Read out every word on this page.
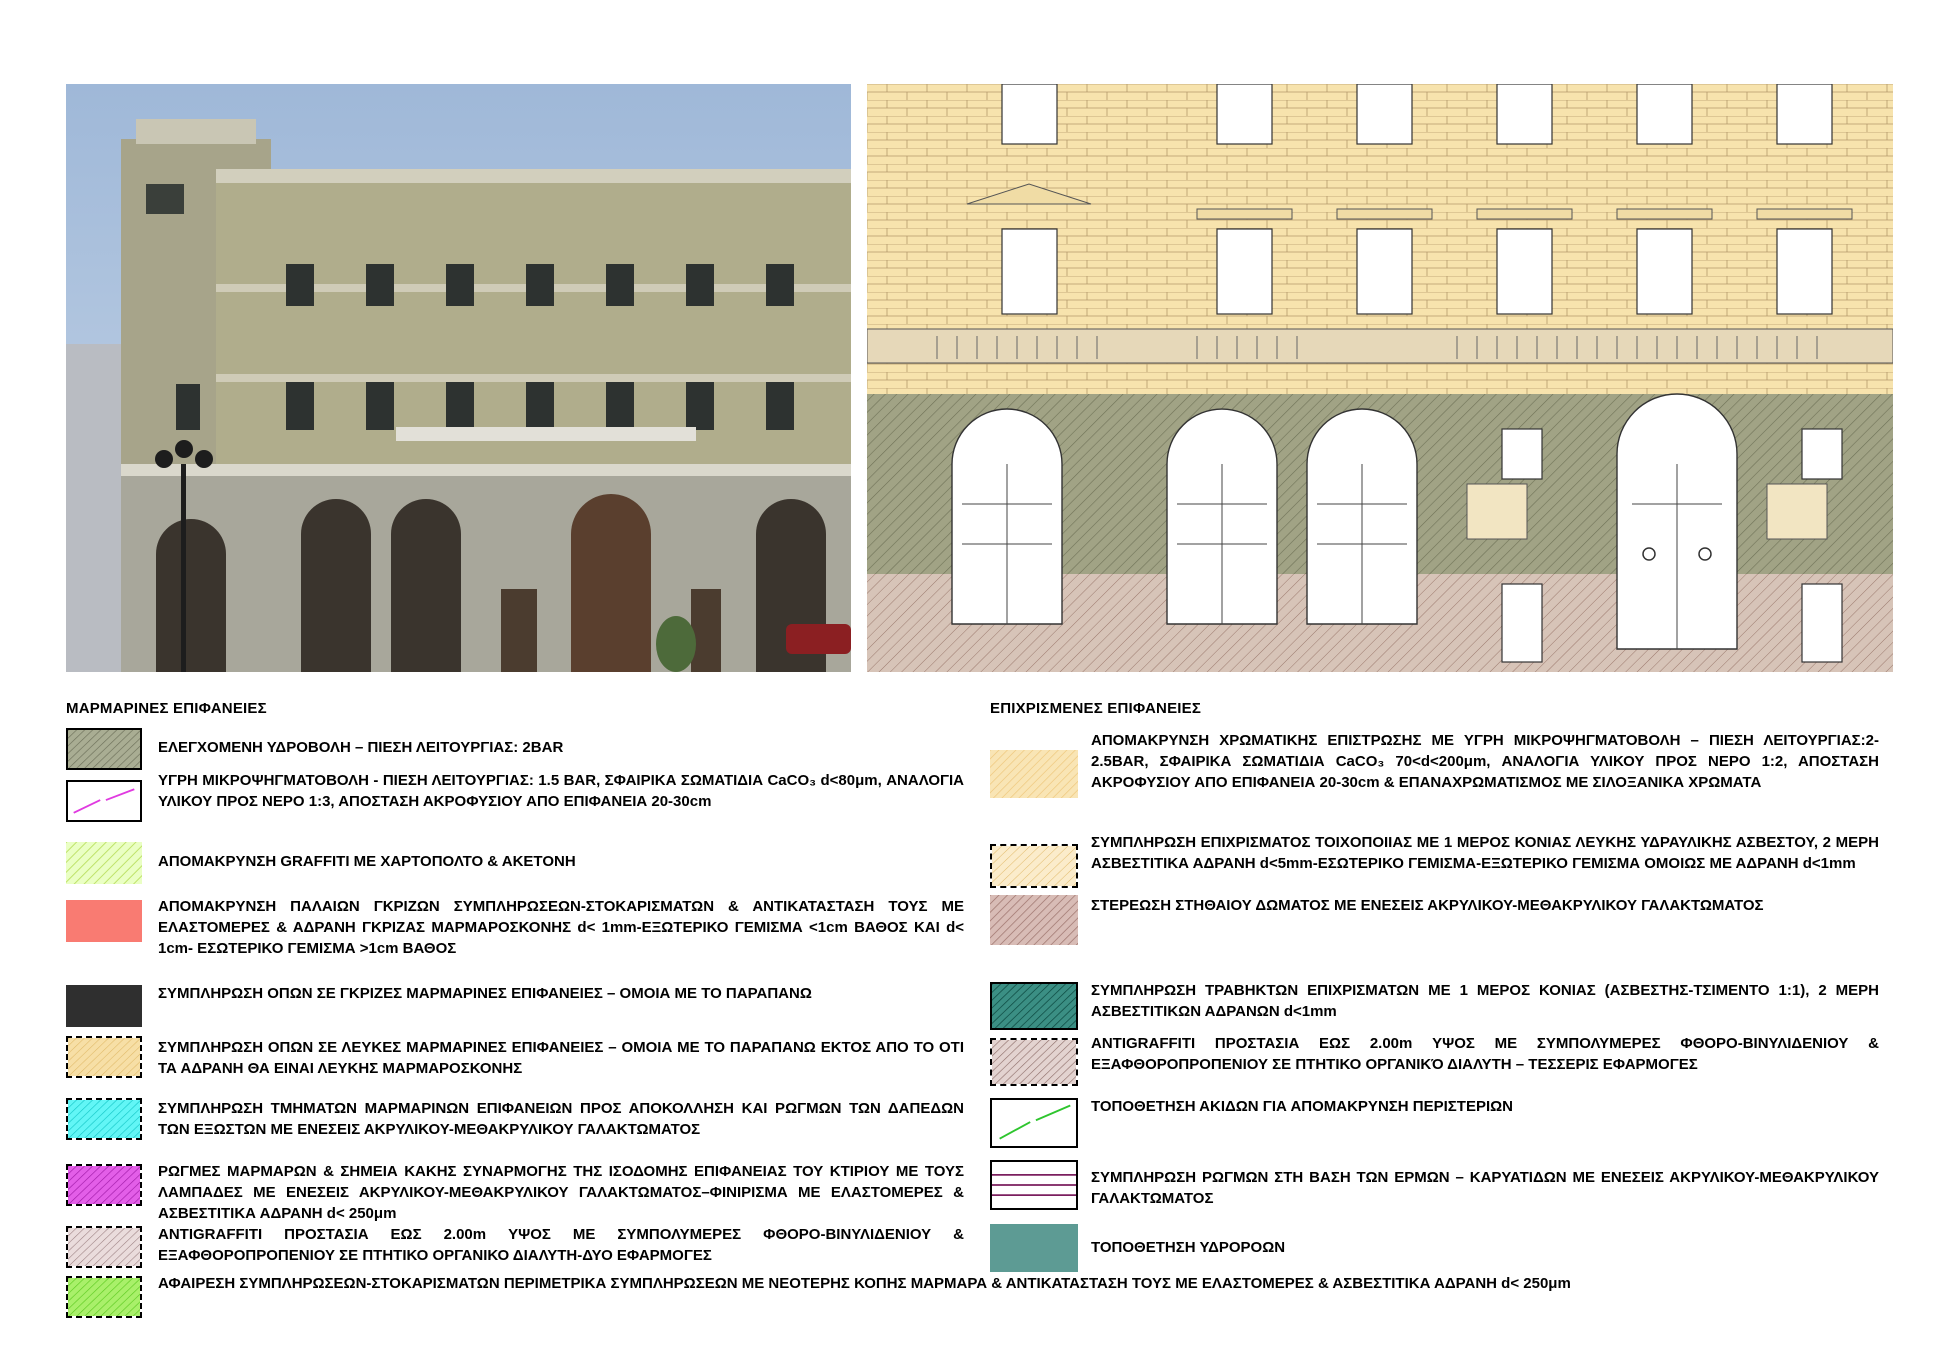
ΜΑΡΜΑΡΙΝΕΣ ΕΠΙΦΑΝΕΙΕΣ
ΕΛΕΓΧΟΜΕΝΗ ΥΔΡΟΒΟΛΗ – ΠΙΕΣΗ ΛΕΙΤΟΥΡΓΙΑΣ: 2BAR
ΥΓΡΗ ΜΙΚΡΟΨΗΓΜΑΤΟΒΟΛΗ - ΠΙΕΣΗ ΛΕΙΤΟΥΡΓΙΑΣ: 1.5 BAR, ΣΦΑΙΡΙΚΑ ΣΩΜΑΤΙΔΙΑ CaCO₃ d<80μm, ΑΝΑΛΟΓΙΑ ΥΛΙΚΟΥ ΠΡΟΣ ΝΕΡΟ 1:3, ΑΠΟΣΤΑΣΗ ΑΚΡΟΦΥΣΙΟΥ ΑΠΟ ΕΠΙΦΑΝΕΙΑ 20-30cm
ΑΠΟΜΑΚΡΥΝΣΗ GRAFFITI ΜΕ ΧΑΡΤΟΠΟΛΤΟ & ΑΚΕΤΟΝΗ
ΑΠΟΜΑΚΡΥΝΣΗ ΠΑΛΑΙΩΝ ΓΚΡΙΖΩΝ ΣΥΜΠΛΗΡΩΣΕΩΝ-ΣΤΟΚΑΡΙΣΜΑΤΩΝ & ΑΝΤΙΚΑΤΑΣΤΑΣΗ ΤΟΥΣ ΜΕ ΕΛΑΣΤΟΜΕΡΕΣ & ΑΔΡΑΝΗ ΓΚΡΙΖΑΣ ΜΑΡΜΑΡΟΣΚΟΝΗΣ d< 1mm-ΕΞΩΤΕΡΙΚΟ ΓΕΜΙΣΜΑ <1cm ΒΑΘΟΣ ΚΑΙ d< 1cm- ΕΣΩΤΕΡΙΚΟ ΓΕΜΙΣΜΑ >1cm ΒΑΘΟΣ
ΣΥΜΠΛΗΡΩΣΗ ΟΠΩΝ ΣΕ ΓΚΡΙΖΕΣ ΜΑΡΜΑΡΙΝΕΣ ΕΠΙΦΑΝΕΙΕΣ – ΟΜΟΙΑ ΜΕ ΤΟ ΠΑΡΑΠΑΝΩ
ΣΥΜΠΛΗΡΩΣΗ ΟΠΩΝ ΣΕ ΛΕΥΚΕΣ ΜΑΡΜΑΡΙΝΕΣ ΕΠΙΦΑΝΕΙΕΣ – ΟΜΟΙΑ ΜΕ ΤΟ ΠΑΡΑΠΑΝΩ ΕΚΤΟΣ ΑΠΟ ΤΟ ΟΤΙ ΤΑ ΑΔΡΑΝΗ ΘΑ ΕΙΝΑΙ ΛΕΥΚΗΣ ΜΑΡΜΑΡΟΣΚΟΝΗΣ
ΣΥΜΠΛΗΡΩΣΗ ΤΜΗΜΑΤΩΝ ΜΑΡΜΑΡΙΝΩΝ ΕΠΙΦΑΝΕΙΩΝ ΠΡΟΣ ΑΠΟΚΟΛΛΗΣΗ ΚΑΙ ΡΩΓΜΩΝ ΤΩΝ ΔΑΠΕΔΩΝ ΤΩΝ ΕΞΩΣΤΩΝ ΜΕ ΕΝΕΣΕΙΣ ΑΚΡΥΛΙΚΟΥ-ΜΕΘΑΚΡΥΛΙΚΟΥ ΓΑΛΑΚΤΩΜΑΤΟΣ
ΡΩΓΜΕΣ ΜΑΡΜΑΡΩΝ & ΣΗΜΕΙΑ ΚΑΚΗΣ ΣΥΝΑΡΜΟΓΗΣ ΤΗΣ ΙΣΟΔΟΜΗΣ ΕΠΙΦΑΝΕΙΑΣ ΤΟΥ ΚΤΙΡΙΟΥ ΜΕ ΤΟΥΣ ΛΑΜΠΑΔΕΣ ΜΕ ΕΝΕΣΕΙΣ ΑΚΡΥΛΙΚΟΥ-ΜΕΘΑΚΡΥΛΙΚΟΥ ΓΑΛΑΚΤΩΜΑΤΟΣ–ΦΙΝΙΡΙΣΜΑ ΜΕ ΕΛΑΣΤΟΜΕΡΕΣ & ΑΣΒΕΣΤΙΤΙΚΑ ΑΔΡΑΝΗ d< 250μm
ANTIGRAFFITI ΠΡΟΣΤΑΣΙΑ ΕΩΣ 2.00m ΥΨΟΣ ΜΕ ΣΥΜΠΟΛΥΜΕΡΕΣ ΦΘΟΡΟ-ΒΙΝΥΛΙΔΕΝΙΟΥ & ΕΞΑΦΘΟΡΟΠΡΟΠΕΝΙΟΥ ΣΕ ΠΤΗΤΙΚΟ ΟΡΓΑΝΙΚΟ ΔΙΑΛΥΤΗ-ΔΥΟ ΕΦΑΡΜΟΓΕΣ
ΑΦΑΙΡΕΣΗ ΣΥΜΠΛΗΡΩΣΕΩΝ-ΣΤΟΚΑΡΙΣΜΑΤΩΝ ΠΕΡΙΜΕΤΡΙΚΑ ΣΥΜΠΛΗΡΩΣΕΩΝ ΜΕ ΝΕΟΤΕΡΗΣ ΚΟΠΗΣ ΜΑΡΜΑΡΑ & ΑΝΤΙΚΑΤΑΣΤΑΣΗ ΤΟΥΣ ΜΕ ΕΛΑΣΤΟΜΕΡΕΣ & ΑΣΒΕΣΤΙΤΙΚΑ ΑΔΡΑΝΗ d< 250μm
ΕΠΙΧΡΙΣΜΕΝΕΣ ΕΠΙΦΑΝΕΙΕΣ
ΑΠΟΜΑΚΡΥΝΣΗ ΧΡΩΜΑΤΙΚΗΣ ΕΠΙΣΤΡΩΣΗΣ ΜΕ ΥΓΡΗ ΜΙΚΡΟΨΗΓΜΑΤΟΒΟΛΗ – ΠΙΕΣΗ ΛΕΙΤΟΥΡΓΙΑΣ:2-2.5BAR, ΣΦΑΙΡΙΚΑ ΣΩΜΑΤΙΔΙΑ CaCO₃ 70<d<200μm, ΑΝΑΛΟΓΙΑ ΥΛΙΚΟΥ ΠΡΟΣ ΝΕΡΟ 1:2, ΑΠΟΣΤΑΣΗ ΑΚΡΟΦΥΣΙΟΥ ΑΠΟ ΕΠΙΦΑΝΕΙΑ 20-30cm & ΕΠΑΝΑΧΡΩΜΑΤΙΣΜΟΣ ΜΕ ΣΙΛΟΞΑΝΙΚΑ ΧΡΩΜΑΤΑ
ΣΥΜΠΛΗΡΩΣΗ ΕΠΙΧΡΙΣΜΑΤΟΣ ΤΟΙΧΟΠΟΙΙΑΣ ΜΕ 1 ΜΕΡΟΣ ΚΟΝΙΑΣ ΛΕΥΚΗΣ ΥΔΡΑΥΛΙΚΗΣ ΑΣΒΕΣΤΟΥ, 2 ΜΕΡΗ ΑΣΒΕΣΤΙΤΙΚΑ ΑΔΡΑΝΗ d<5mm-ΕΣΩΤΕΡΙΚΟ ΓΕΜΙΣΜΑ-ΕΞΩΤΕΡΙΚΟ ΓΕΜΙΣΜΑ ΟΜΟΙΩΣ ΜΕ ΑΔΡΑΝΗ d<1mm
ΣΤΕΡΕΩΣΗ ΣΤΗΘΑΙΟΥ ΔΩΜΑΤΟΣ ΜΕ ΕΝΕΣΕΙΣ ΑΚΡΥΛΙΚΟΥ-ΜΕΘΑΚΡΥΛΙΚΟΥ ΓΑΛΑΚΤΩΜΑΤΟΣ
ΣΥΜΠΛΗΡΩΣΗ ΤΡΑΒΗΚΤΩΝ ΕΠΙΧΡΙΣΜΑΤΩΝ ΜΕ 1 ΜΕΡΟΣ ΚΟΝΙΑΣ (ΑΣΒΕΣΤΗΣ-ΤΣΙΜΕΝΤΟ 1:1), 2 ΜΕΡΗ ΑΣΒΕΣΤΙΤΙΚΩΝ ΑΔΡΑΝΩΝ d<1mm
ANTIGRAFFITI ΠΡΟΣΤΑΣΙΑ ΕΩΣ 2.00m ΥΨΟΣ ΜΕ ΣΥΜΠΟΛΥΜΕΡΕΣ ΦΘΟΡΟ-ΒΙΝΥΛΙΔΕΝΙΟΥ & ΕΞΑΦΘΟΡΟΠΡΟΠΕΝΙΟΥ ΣΕ ΠΤΗΤΙΚΟ ΟΡΓΑΝΙΚΌ ΔΙΑΛΥΤΗ – ΤΕΣΣΕΡΙΣ ΕΦΑΡΜΟΓΕΣ
ΤΟΠΟΘΕΤΗΣΗ ΑΚΙΔΩΝ ΓΙΑ ΑΠΟΜΑΚΡΥΝΣΗ ΠΕΡΙΣΤΕΡΙΩΝ
ΣΥΜΠΛΗΡΩΣΗ ΡΩΓΜΩΝ ΣΤΗ ΒΑΣΗ ΤΩΝ ΕΡΜΩΝ – ΚΑΡΥΑΤΙΔΩΝ ΜΕ ΕΝΕΣΕΙΣ ΑΚΡΥΛΙΚΟΥ-ΜΕΘΑΚΡΥΛΙΚΟΥ ΓΑΛΑΚΤΩΜΑΤΟΣ
ΤΟΠΟΘΕΤΗΣΗ ΥΔΡΟΡΟΩΝ
